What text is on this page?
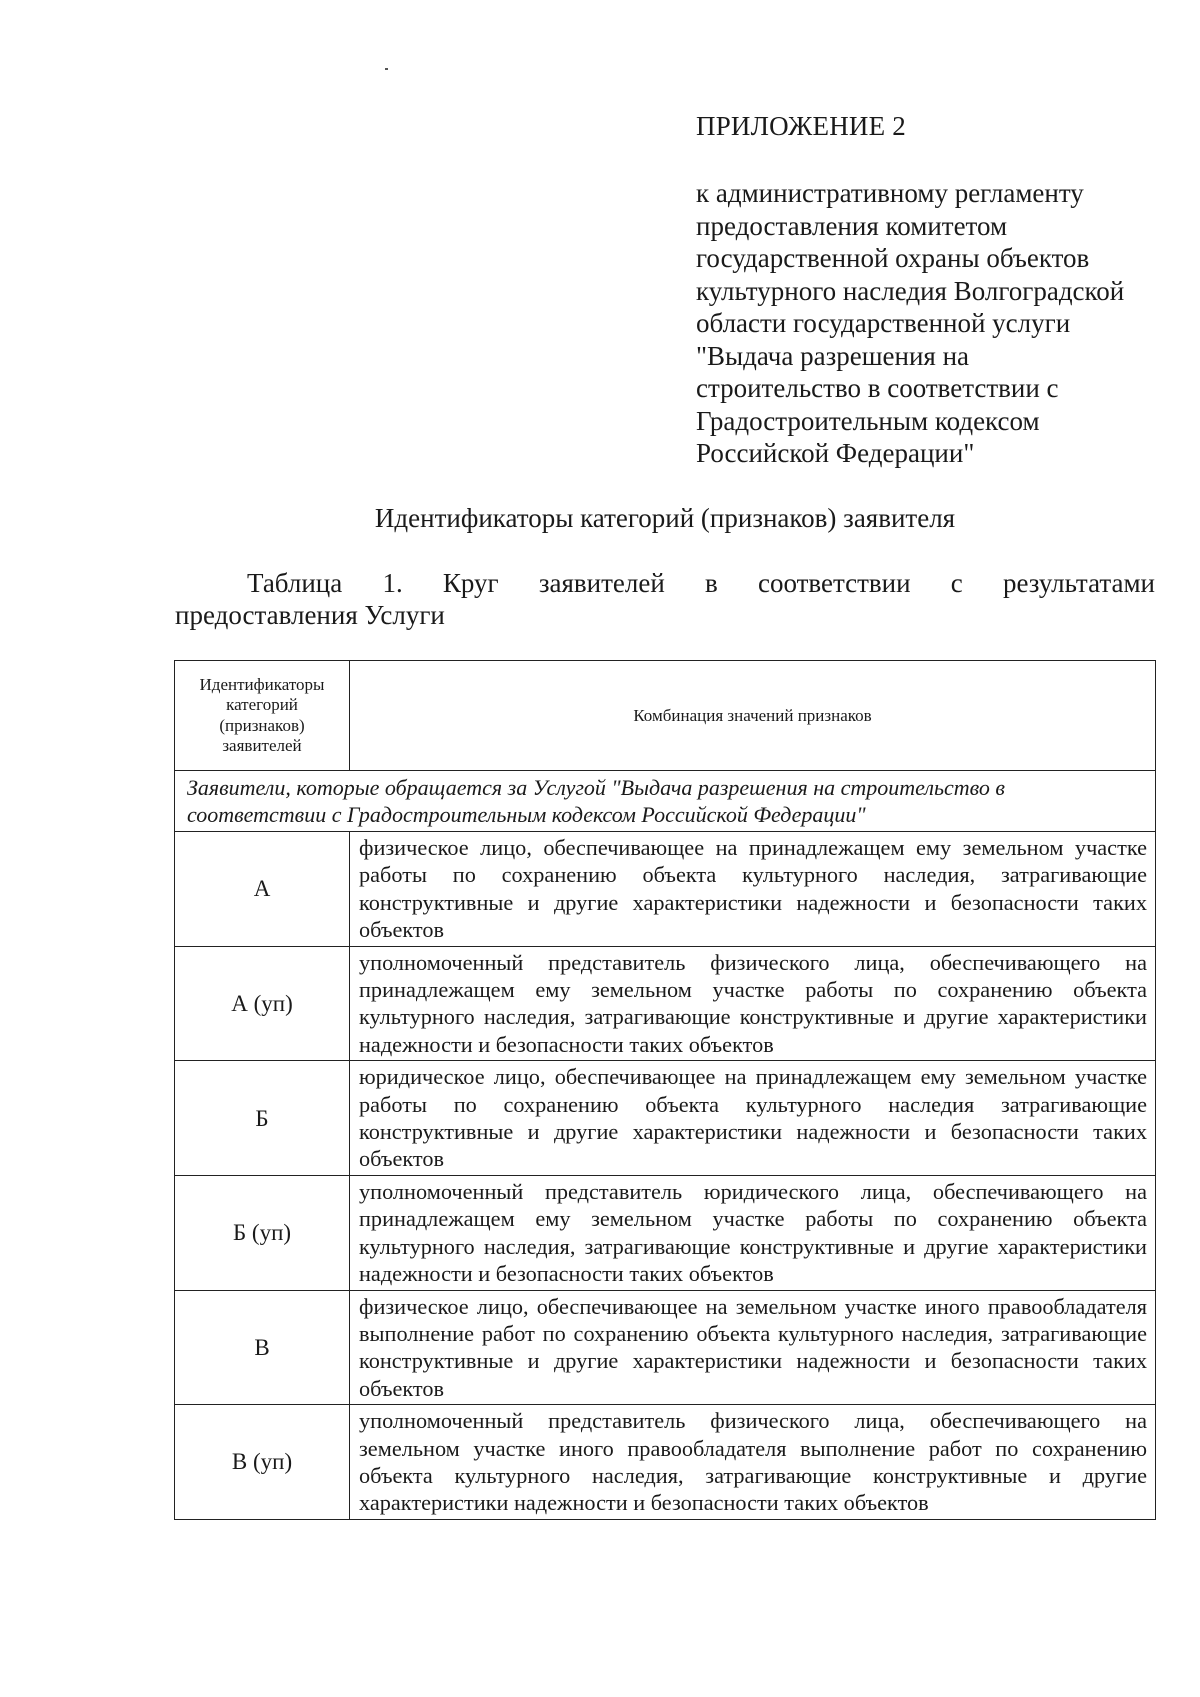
ПРИЛОЖЕНИЕ 2
к административному регламенту
предоставления комитетом
государственной охраны объектов
культурного наследия Волгоградской
области государственной услуги
"Выдача разрешения на
строительство в соответствии с
Градостроительным кодексом
Российской Федерации"
Идентификаторы категорий (признаков) заявителя
Таблица 1. Круг заявителей в соответствии с результатами
предоставления Услуги
Идентификаторы
категорий
(признаков)
заявителей	Комбинация значений признаков
Заявители, которые обращается за Услугой "Выдача разрешения на строительство в соответствии с Градостроительным кодексом Российской Федерации"	
А	физическое лицо, обеспечивающее на принадлежащем ему земельном участке работы по сохранению объекта культурного наследия, затрагивающие конструктивные и другие характеристики надежности и безопасности таких объектов
А (уп)	уполномоченный представитель физического лица, обеспечивающего на принадлежащем ему земельном участке работы по сохранению объекта культурного наследия, затрагивающие конструктивные и другие характеристики надежности и безопасности таких объектов
Б	юридическое лицо, обеспечивающее на принадлежащем ему земельном участке работы по сохранению объекта культурного наследия затрагивающие конструктивные и другие характеристики надежности и безопасности таких объектов
Б (уп)	уполномоченный представитель юридического лица, обеспечивающего на принадлежащем ему земельном участке работы по сохранению объекта культурного наследия, затрагивающие конструктивные и другие характеристики надежности и безопасности таких объектов
В	физическое лицо, обеспечивающее на земельном участке иного правообладателя выполнение работ по сохранению объекта культурного наследия, затрагивающие конструктивные и другие характеристики надежности и безопасности таких объектов
В (уп)	уполномоченный представитель физического лица, обеспечивающего на земельном участке иного правообладателя выполнение работ по сохранению объекта культурного наследия, затрагивающие конструктивные и другие характеристики надежности и безопасности таких объектов
